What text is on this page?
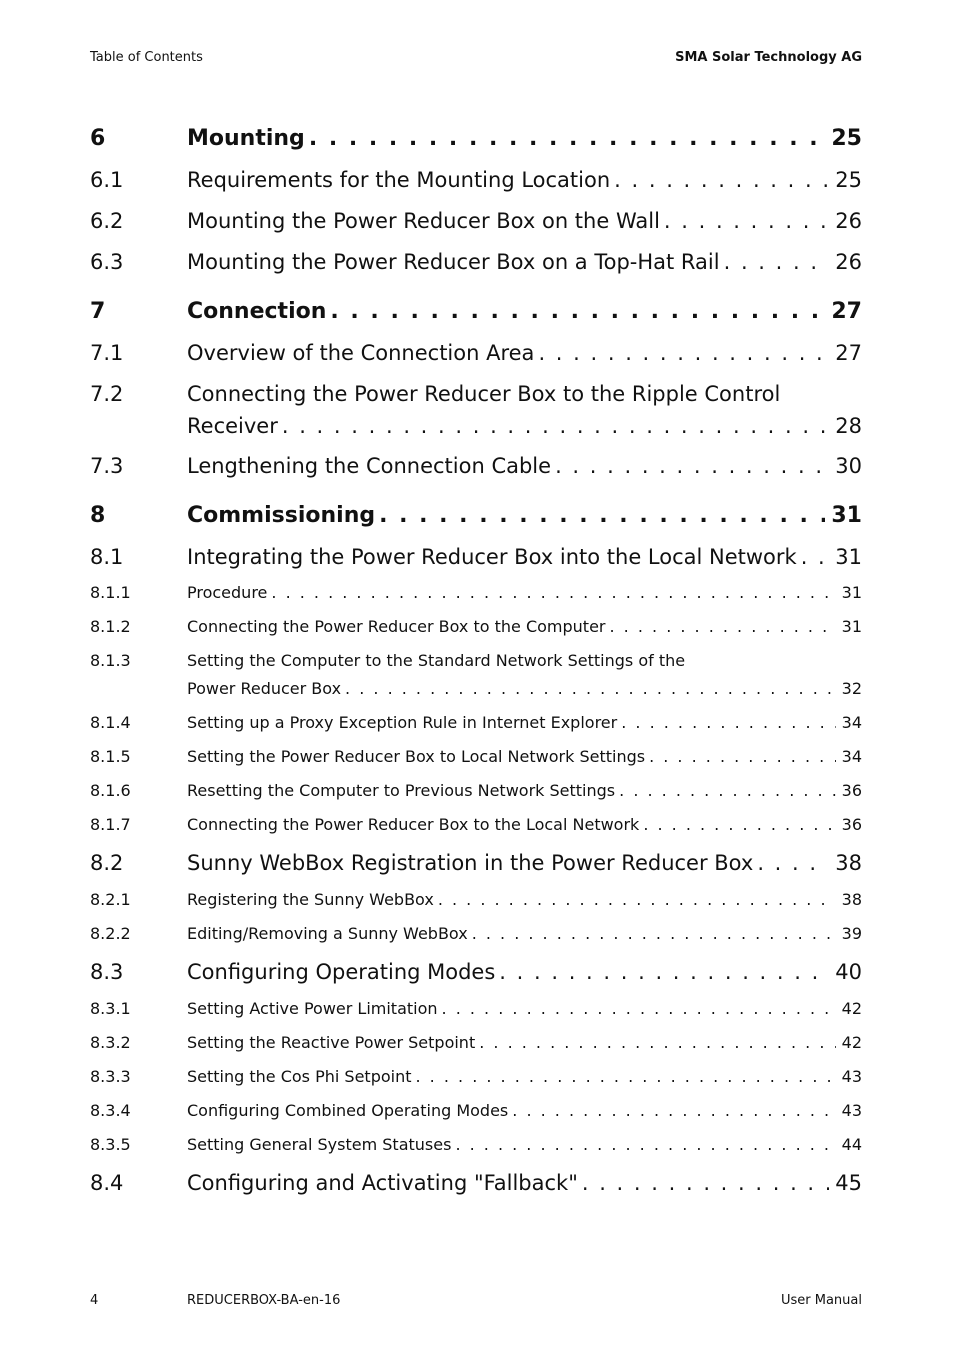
Table of Contents	SMA Solar Technology AG
6	Mounting . . .	25
6.1	Requirements for the Mounting Location . . .	25
6.2	Mounting the Power Reducer Box on the Wall . . .	26
6.3	Mounting the Power Reducer Box on a Top-Hat Rail . . .	26
7	Connection . . .	27
7.1	Overview of the Connection Area . . .	27
7.2	Connecting the Power Reducer Box to the Ripple Control
Receiver . . .	28
7.3	Lengthening the Connection Cable . . .	30
8	Commissioning . . .	31
8.1	Integrating the Power Reducer Box into the Local Network . . . 31
8.1.1	Procedure . . .	31
8.1.2	Connecting the Power Reducer Box to the Computer . . .	31
8.1.3	Setting the Computer to the Standard Network Settings of the
Power Reducer Box . . .	32
8.1.4	Setting up a Proxy Exception Rule in Internet Explorer . . .	34
8.1.5	Setting the Power Reducer Box to Local Network Settings . . .	34
8.1.6	Resetting the Computer to Previous Network Settings . . .	36
8.1.7	Connecting the Power Reducer Box to the Local Network . . .	36
8.2	Sunny WebBox Registration in the Power Reducer Box . . .	38
8.2.1	Registering the Sunny WebBox . . .	38
8.2.2	Editing/Removing a Sunny WebBox . . .	39
8.3	Configuring Operating Modes . . .	40
8.3.1	Setting Active Power Limitation . . .	42
8.3.2	Setting the Reactive Power Setpoint . . .	42
8.3.3	Setting the Cos Phi Setpoint . . .	43
8.3.4	Configuring Combined Operating Modes . . .	43
8.3.5	Setting General System Statuses . . .	44
8.4	Configuring and Activating "Fallback" . . .	45
4	REDUCERBOX-BA-en-16	User Manual
